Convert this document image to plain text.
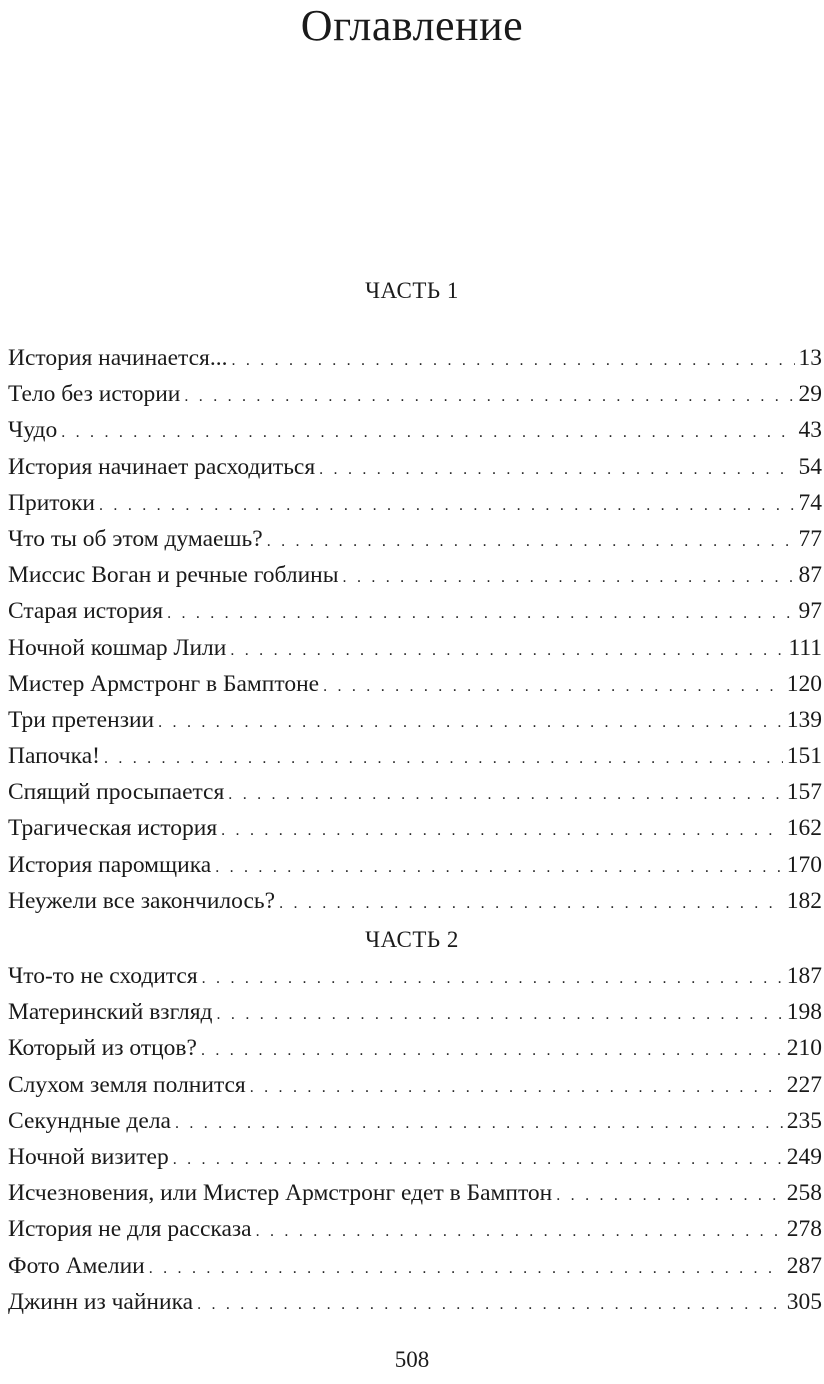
Оглавление
ЧАСТЬ 1
История начинается... . . .	13
Тело без истории . . .	29
Чудо . . .	43
История начинает расходиться . . .	54
Притоки . . .	74
Что ты об этом думаешь? . . .	77
Миссис Воган и речные гоблины . . .	87
Старая история . . .	97
Ночной кошмар Лили . . .	111
Мистер Армстронг в Бамптоне . . .	120
Три претензии . . .	139
Папочка! . . .	151
Спящий просыпается . . .	157
Трагическая история . . .	162
История паромщика . . .	170
Неужели все закончилось? . . .	182
ЧАСТЬ 2
Что-то не сходится . . .	187
Материнский взгляд . . .	198
Который из отцов? . . .	210
Слухом земля полнится . . .	227
Секундные дела . . .	235
Ночной визитер . . .	249
Исчезновения, или Мистер Армстронг едет в Бамптон . . .	258
История не для рассказа . . .	278
Фото Амелии . . .	287
Джинн из чайника . . .	305
508
